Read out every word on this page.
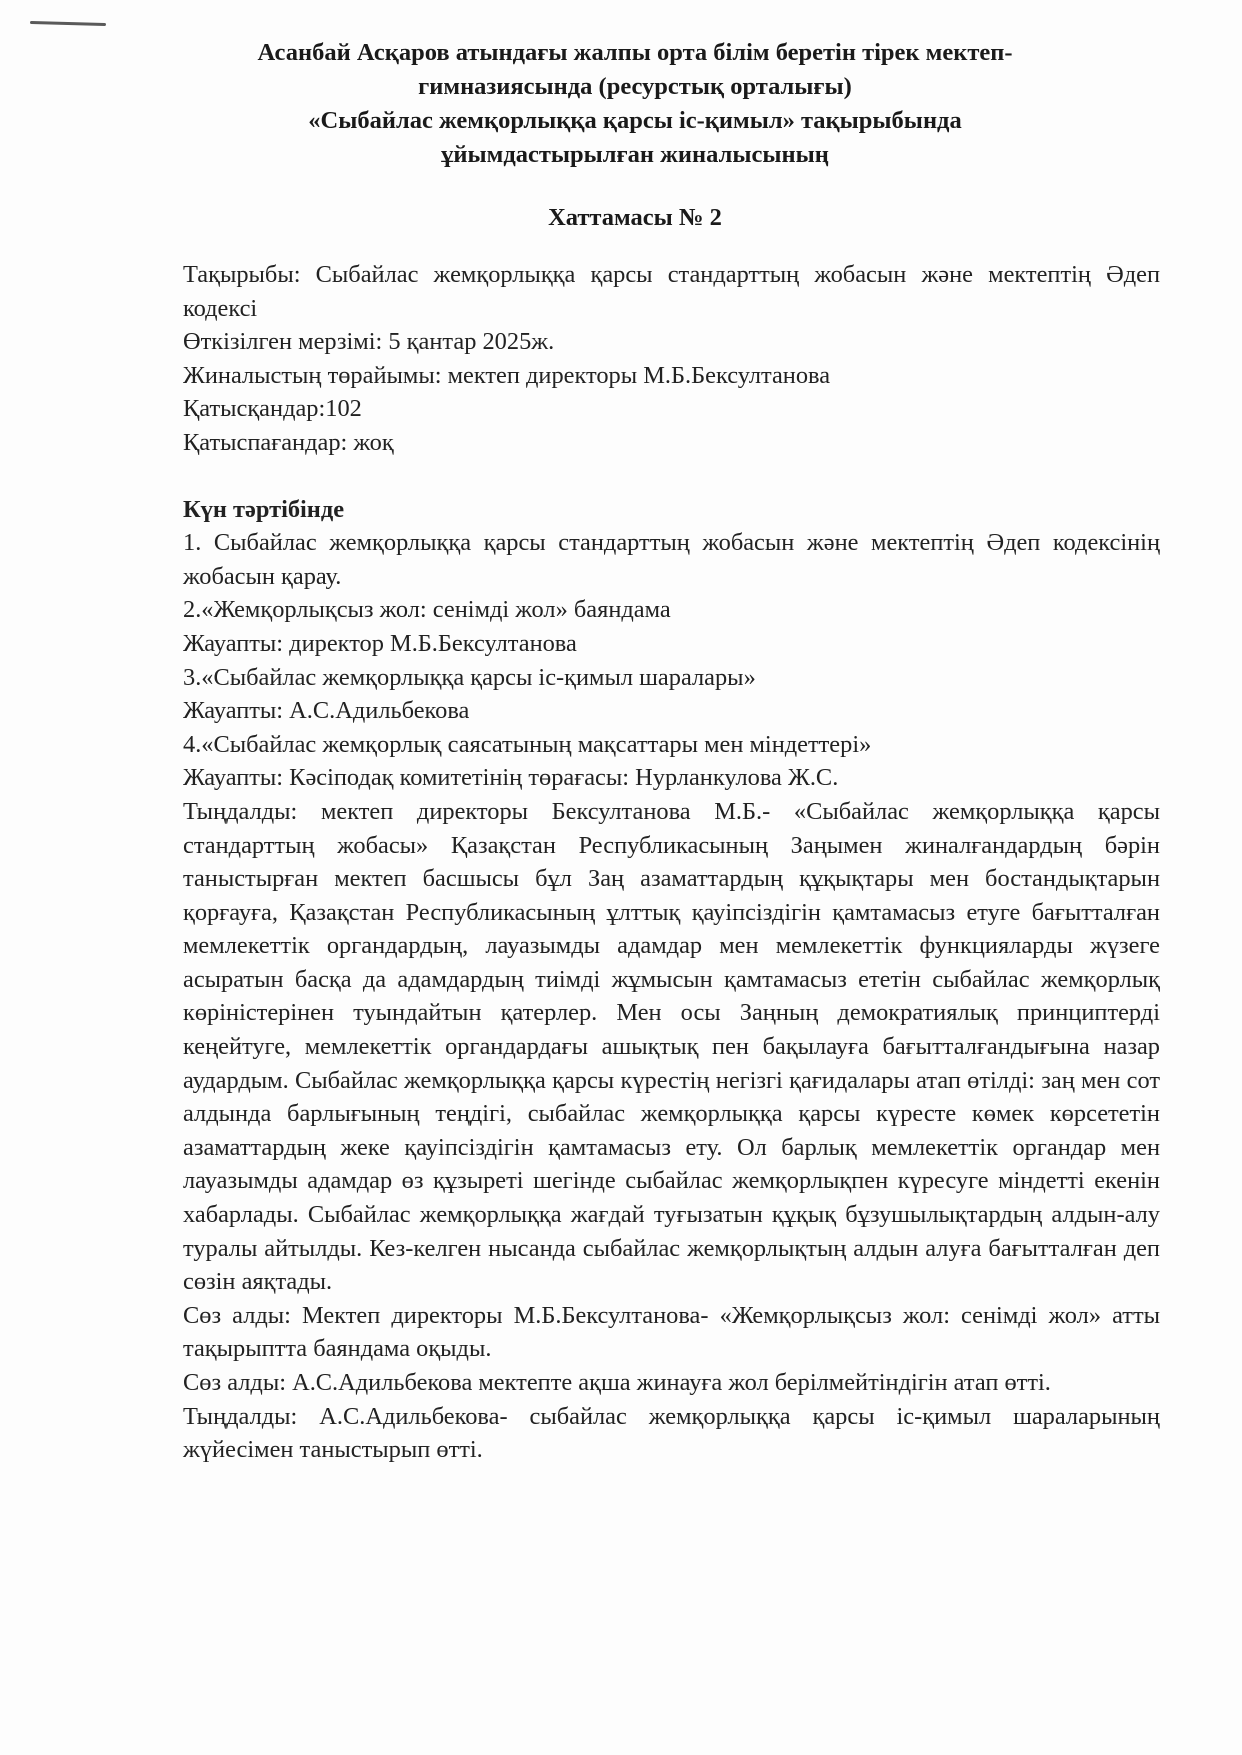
Асанбай Асқаров атындағы жалпы орта білім беретін тірек мектеп-
гимназиясында (ресурстық орталығы)
«Сыбайлас жемқорлыққа қарсы іс-қимыл» тақырыбында
ұйымдастырылған жиналысының
Хаттамасы № 2

Тақырыбы: Сыбайлас жемқорлыққа қарсы стандарттың жобасын және мектептің Әдеп кодексі

Өткізілген мерзімі: 5 қантар 2025ж.

Жиналыстың төрайымы: мектеп директоры М.Б.Бексултанова

Қатысқандар:102

Қатыспағандар: жоқ

Күн тәртібінде

1. Сыбайлас жемқорлыққа қарсы стандарттың жобасын және мектептің Әдеп кодексінің жобасын қарау.

2.«Жемқорлықсыз жол: сенімді жол» баяндама

Жауапты: директор М.Б.Бексултанова

3.«Сыбайлас жемқорлыққа қарсы іс-қимыл шаралары»

Жауапты: А.С.Адильбекова

4.«Сыбайлас жемқорлық саясатының мақсаттары мен міндеттері»

Жауапты: Кәсіподақ комитетінің төрағасы: Нурланкулова Ж.С.

Тыңдалды: мектеп директоры Бексултанова М.Б.- «Сыбайлас жемқорлыққа қарсы стандарттың жобасы» Қазақстан Республикасының Заңымен жиналғандардың бәрін таныстырған мектеп басшысы бұл Заң азаматтардың құқықтары мен бостандықтарын қорғауға, Қазақстан Республикасының ұлттық қауіпсіздігін қамтамасыз етуге бағытталған мемлекеттік органдардың, лауазымды адамдар мен мемлекеттік функцияларды жүзеге асыратын басқа да адамдардың тиімді жұмысын қамтамасыз ететін сыбайлас жемқорлық көріністерінен туындайтын қатерлер. Мен осы Заңның демократиялық принциптерді кеңейтуге, мемлекеттік органдардағы ашықтық пен бақылауға бағытталғандығына назар аудардым. Сыбайлас жемқорлыққа қарсы күрестің негізгі қағидалары атап өтілді: заң мен сот алдында барлығының теңдігі, сыбайлас жемқорлыққа қарсы күресте көмек көрсететін азаматтардың жеке қауіпсіздігін қамтамасыз ету. Ол барлық мемлекеттік органдар мен лауазымды адамдар өз құзыреті шегінде сыбайлас жемқорлықпен күресуге міндетті екенін хабарлады. Сыбайлас жемқорлыққа жағдай туғызатын құқық бұзушылықтардың алдын-алу туралы айтылды. Кез-келген нысанда сыбайлас жемқорлықтың алдын алуға бағытталған деп сөзін аяқтады.

Сөз алды: Мектеп директоры М.Б.Бексултанова- «Жемқорлықсыз жол: сенімді жол» атты тақырыптта баяндама оқыды.

Сөз алды: А.С.Адильбекова мектепте ақша жинауға жол берілмейтіндігін атап өтті.

Тыңдалды: А.С.Адильбекова- сыбайлас жемқорлыққа қарсы іс-қимыл шараларының жүйесімен таныстырып өтті.
